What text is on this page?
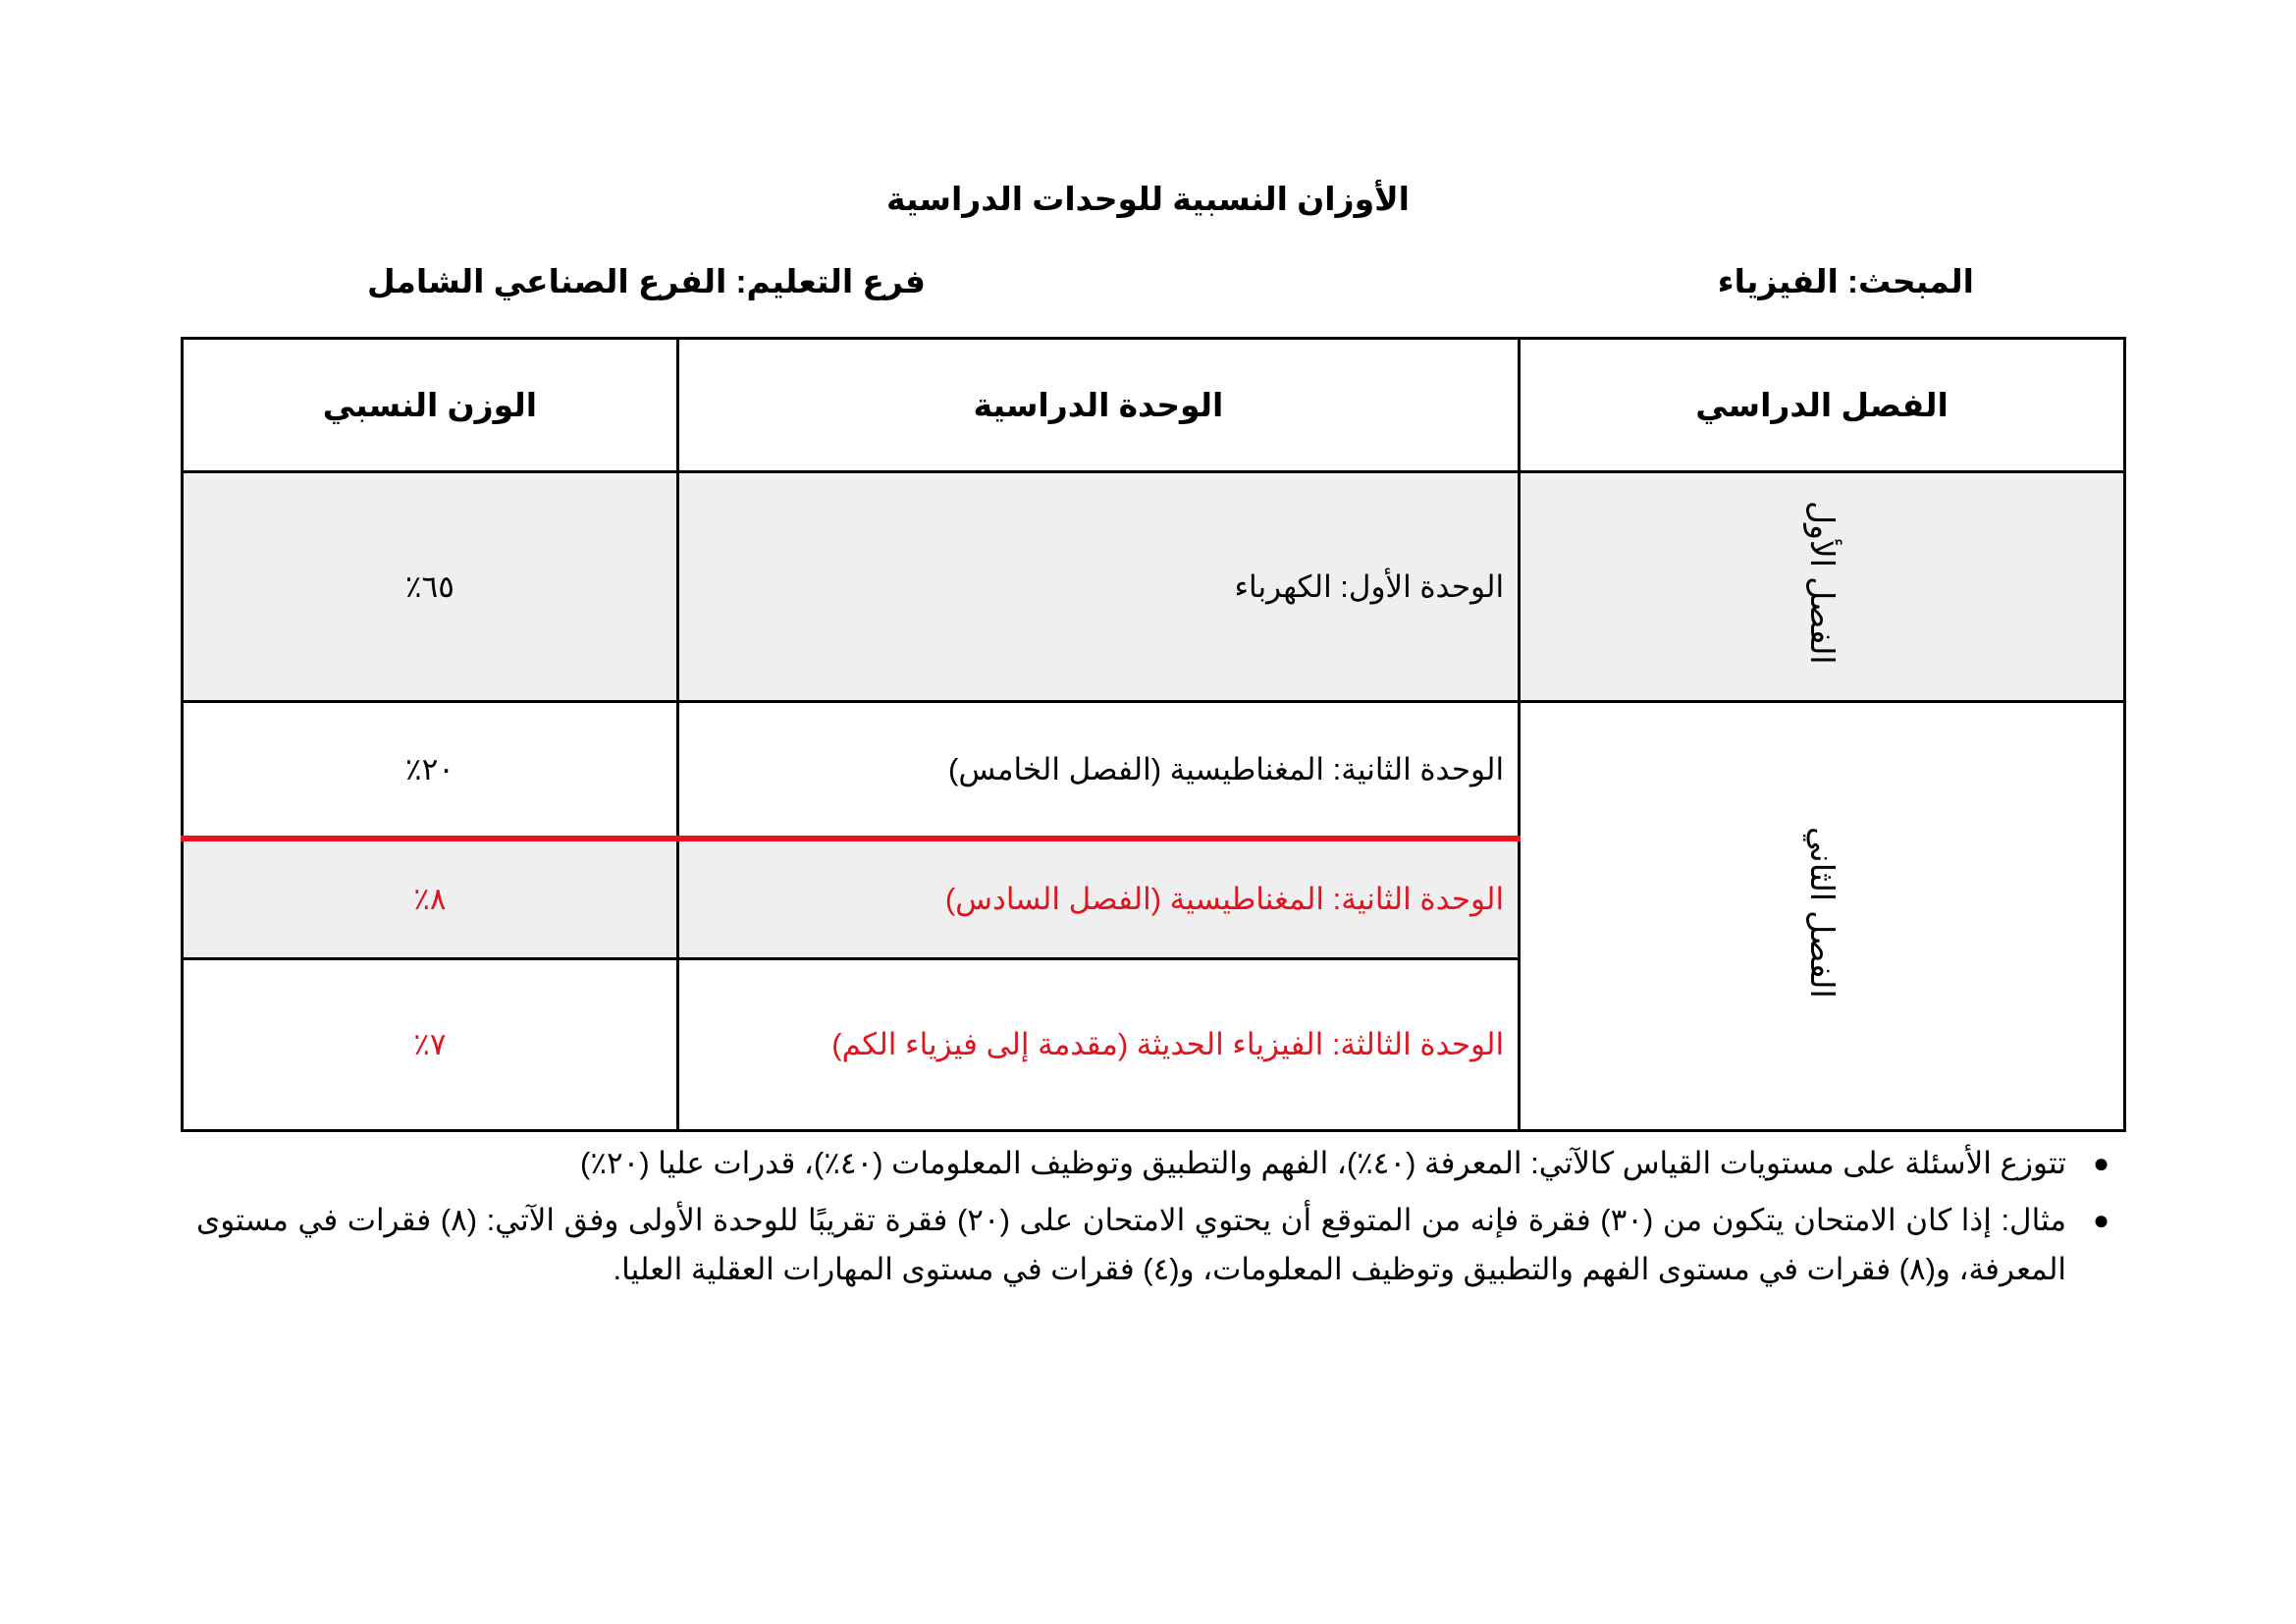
الأوزان النسبية للوحدات الدراسية
المبحث: الفيزياء
فرع التعليم: الفرع الصناعي الشامل
الفصل الدراسي	الوحدة الدراسية	الوزن النسبي
الفصل الأول	الوحدة الأول: الكهرباء	٦٥٪
الفصل الثاني	الوحدة الثانية: المغناطيسية (الفصل الخامس)	٢٠٪
	الوحدة الثانية: المغناطيسية (الفصل السادس)	٨٪
	الوحدة الثالثة: الفيزياء الحديثة (مقدمة إلى فيزياء الكم)	٧٪
●
تتوزع الأسئلة على مستويات القياس كالآتي: المعرفة (٤٠٪)، الفهم والتطبيق وتوظيف المعلومات (٤٠٪)، قدرات عليا (٢٠٪)
●
مثال: إذا كان الامتحان يتكون من (٣٠) فقرة فإنه من المتوقع أن يحتوي الامتحان على (٢٠) فقرة تقريبًا للوحدة الأولى وفق الآتي: (٨) فقرات في مستوى المعرفة، و(٨) فقرات في مستوى الفهم والتطبيق وتوظيف المعلومات، و(٤) فقرات في مستوى المهارات العقلية العليا.
